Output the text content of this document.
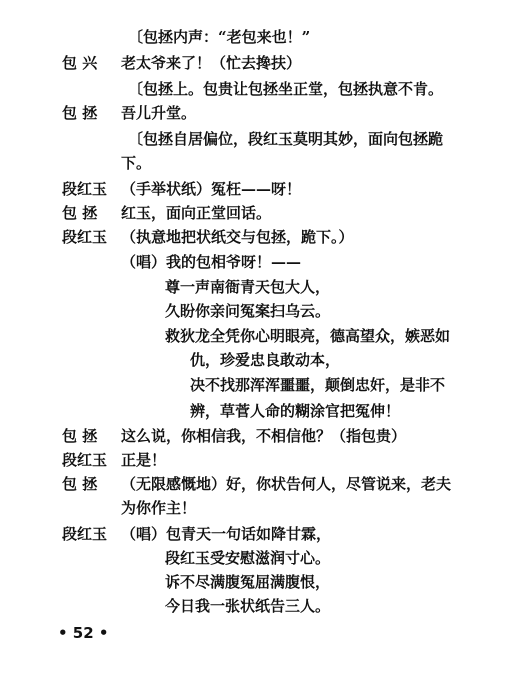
〔包拯内声：“老包来也！”
包 兴	老太爷来了！（忙去搀扶）
〔包拯上。包贵让包拯坐正堂，包拯执意不肯。
包 拯	吾儿升堂。
〔包拯自居偏位，段红玉莫明其妙，面向包拯跪
下。
段红玉 （手举状纸）冤枉——呀！
包 拯	红玉，面向正堂回话。
段红玉 （执意地把状纸交与包拯，跪下。）
（唱）我的包相爷呀！——
尊一声南衙青天包大人，
久盼你亲问冤案扫乌云。
救狄龙全凭你心明眼亮，德高望众，嫉恶如
仇，珍爱忠良敢动本，
决不找那浑浑噩噩，颠倒忠奸，是非不
辨，草菅人命的糊涂官把冤伸！
包 拯	这么说，你相信我，不相信他？（指包贵）
段红玉 正是！
包 拯	（无限感慨地）好，你状告何人，尽管说来，老夫
为你作主！
段红玉 （唱）包青天一句话如降甘霖，
段红玉受安慰滋润寸心。
诉不尽满腹冤屈满腹恨，
今日我一张状纸告三人。
• 52 •
